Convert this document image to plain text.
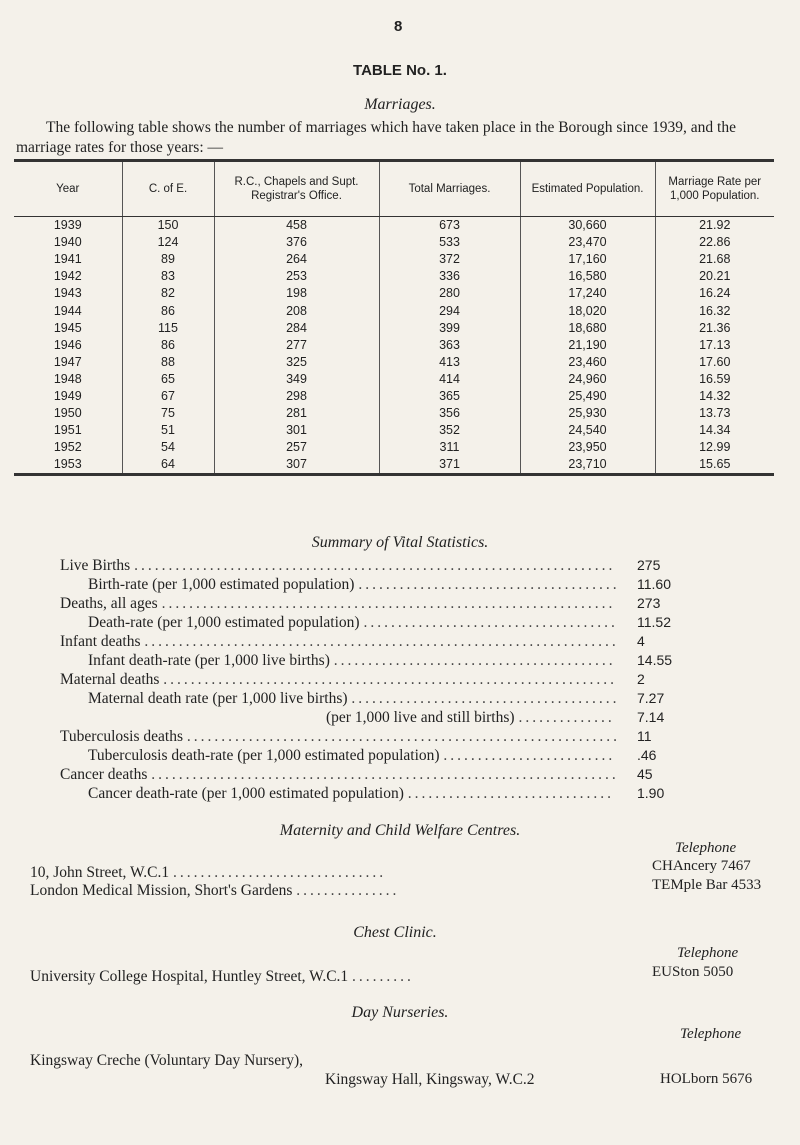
8
TABLE No. 1.
Marriages.
The following table shows the number of marriages which have taken place in the Borough since 1939, and the marriage rates for those years: —
Year	C. of E.	R.C., Chapels and Supt. Registrar's Office.	Total Marriages.	Estimated Population.	Marriage Rate per 1,000 Population.
1939	150	458	673	30,660	21.92
1940	124	376	533	23,470	22.86
1941	89	264	372	17,160	21.68
1942	83	253	336	16,580	20.21
1943	82	198	280	17,240	16.24
1944	86	208	294	18,020	16.32
1945	115	284	399	18,680	21.36
1946	86	277	363	21,190	17.13
1947	88	325	413	23,460	17.60
1948	65	349	414	24,960	16.59
1949	67	298	365	25,490	14.32
1950	75	281	356	25,930	13.73
1951	51	301	352	24,540	14.34
1952	54	257	311	23,950	12.99
1953	64	307	371	23,710	15.65
Summary of Vital Statistics.
Live Births ...................................................................... 275
Birth-rate (per 1,000 estimated population) ...................................... 11.60
Deaths, all ages .................................................................. 273
Death-rate (per 1,000 estimated population) ..................................... 11.52
Infant deaths ..................................................................... 4
Infant death-rate (per 1,000 live births) ......................................... 14.55
Maternal deaths .................................................................. 2
Maternal death rate (per 1,000 live births) ....................................... 7.27
(per 1,000 live and still births) .............. 7.14
Tuberculosis deaths ............................................................... 11
Tuberculosis death-rate (per 1,000 estimated population) ......................... .46
Cancer deaths .................................................................... 45
Cancer death-rate (per 1,000 estimated population) .............................. 1.90
Maternity and Child Welfare Centres.
Telephone
10, John Street, W.C.1 ...............................	CHAncery 7467
London Medical Mission, Short's Gardens ...............	TEMple Bar 4533
Chest Clinic.
Telephone
University College Hospital, Huntley Street, W.C.1 .........	EUSton 5050
Day Nurseries.
Telephone
Kingsway Creche (Voluntary Day Nursery),
Kingsway Hall, Kingsway, W.C.2	HOLborn 5676
